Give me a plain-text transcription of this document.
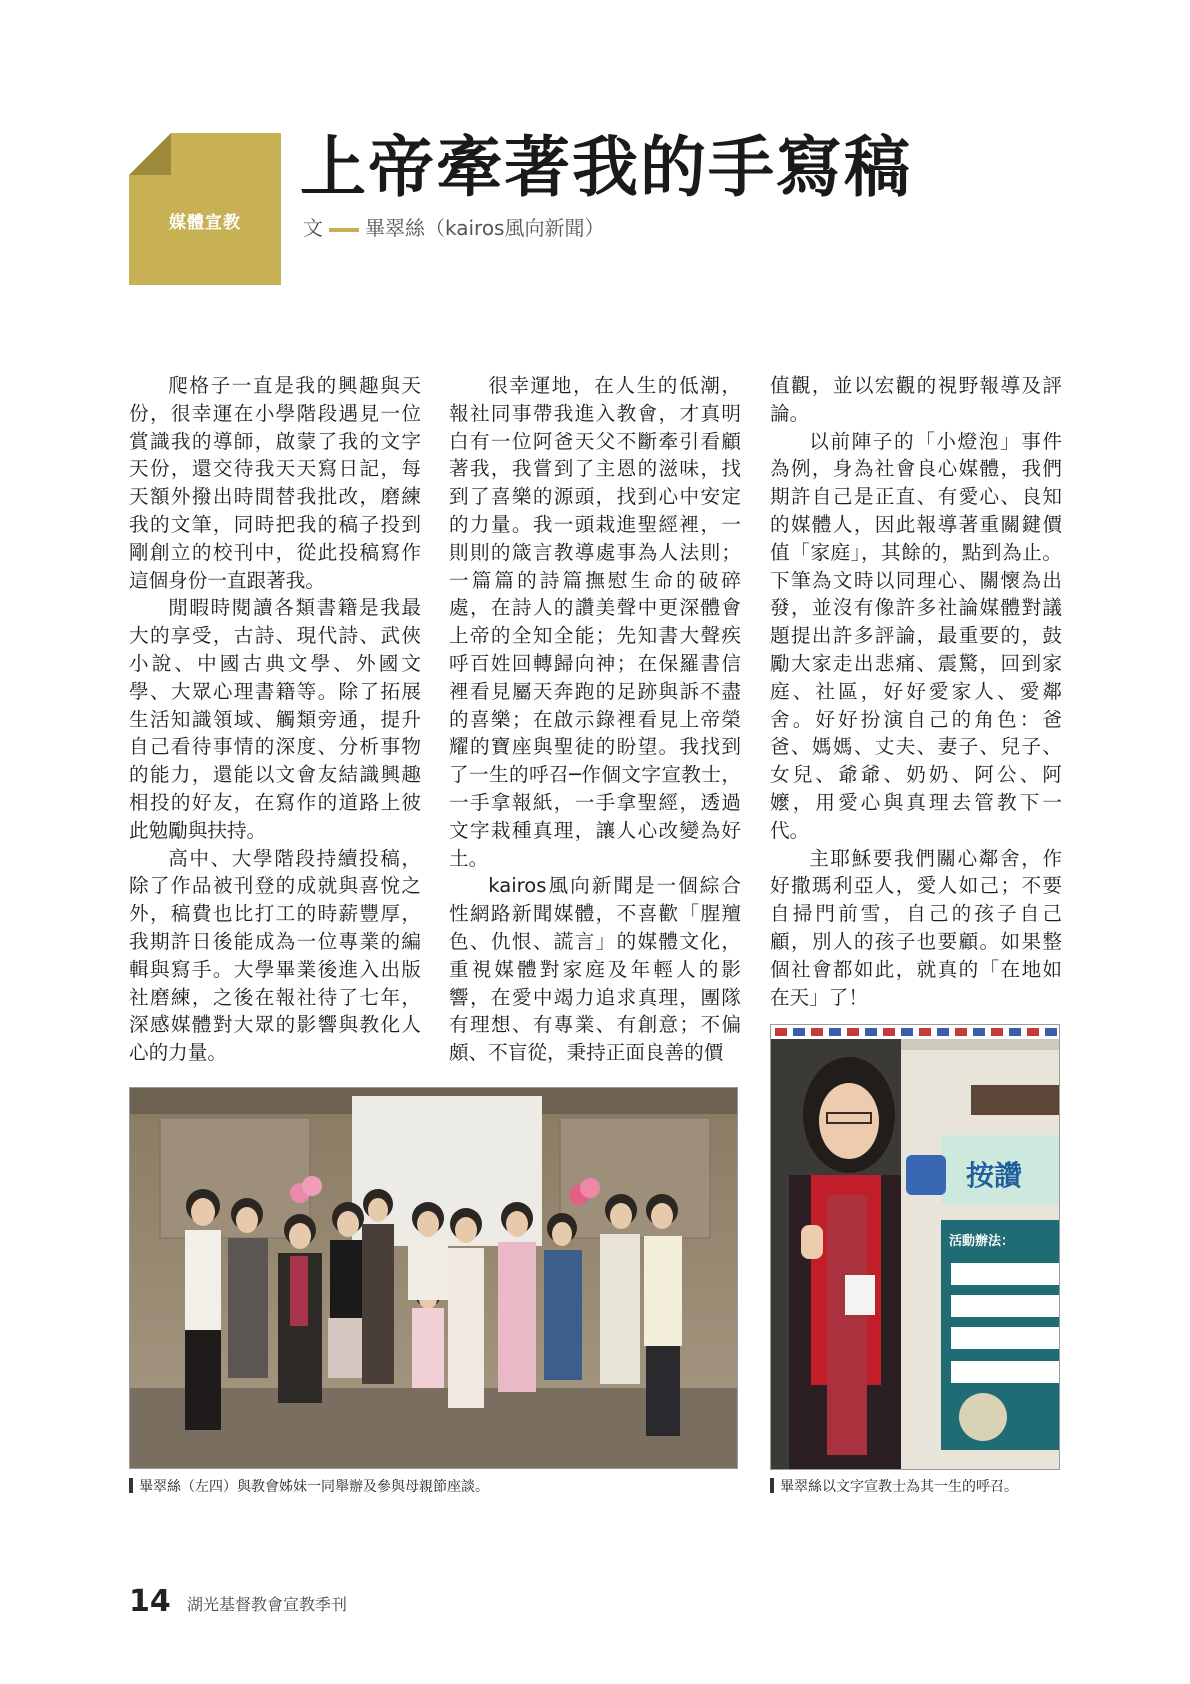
媒體宣教
上帝牽著我的手寫稿
文 畢翠絲（kairos風向新聞）

爬格子一直是我的興趣與天份，很幸運在小學階段遇見一位賞識我的導師，啟蒙了我的文字天份，還交待我天天寫日記，每天額外撥出時間替我批改，磨練我的文筆，同時把我的稿子投到剛創立的校刊中，從此投稿寫作這個身份一直跟著我。

閒暇時閱讀各類書籍是我最大的享受，古詩、現代詩、武俠小說、中國古典文學、外國文學、大眾心理書籍等。除了拓展生活知識領域、觸類旁通，提升自己看待事情的深度、分析事物的能力，還能以文會友結識興趣相投的好友，在寫作的道路上彼此勉勵與扶持。

高中、大學階段持續投稿，除了作品被刊登的成就與喜悅之外，稿費也比打工的時薪豐厚，我期許日後能成為一位專業的編輯與寫手。大學畢業後進入出版社磨練，之後在報社待了七年，深感媒體對大眾的影響與教化人心的力量。

很幸運地，在人生的低潮，報社同事帶我進入教會，才真明白有一位阿爸天父不斷牽引看顧著我，我嘗到了主恩的滋味，找到了喜樂的源頭，找到心中安定的力量。我一頭栽進聖經裡，一則則的箴言教導處事為人法則；一篇篇的詩篇撫慰生命的破碎處，在詩人的讚美聲中更深體會上帝的全知全能；先知書大聲疾呼百姓回轉歸向神；在保羅書信裡看見屬天奔跑的足跡與訴不盡的喜樂；在啟示錄裡看見上帝榮耀的寶座與聖徒的盼望。我找到了一生的呼召─作個文字宣教士，一手拿報紙，一手拿聖經，透過文字栽種真理，讓人心改變為好土。

kairos風向新聞是一個綜合性網路新聞媒體，不喜歡「腥羶色、仇恨、謊言」的媒體文化，重視媒體對家庭及年輕人的影響，在愛中竭力追求真理，團隊有理想、有專業、有創意；不偏頗、不盲從，秉持正面良善的價

值觀，並以宏觀的視野報導及評論。

以前陣子的「小燈泡」事件為例，身為社會良心媒體，我們期許自己是正直、有愛心、良知的媒體人，因此報導著重關鍵價值「家庭」，其餘的，點到為止。下筆為文時以同理心、關懷為出發，並沒有像許多社論媒體對議題提出許多評論，最重要的，鼓勵大家走出悲痛、震驚，回到家庭、社區，好好愛家人、愛鄰舍。好好扮演自己的角色：爸爸、媽媽、丈夫、妻子、兒子、女兒、爺爺、奶奶、阿公、阿嬤，用愛心與真理去管教下一代。

主耶穌要我們關心鄰舍，作好撒瑪利亞人，愛人如己；不要自掃門前雪，自己的孩子自己顧，別人的孩子也要顧。如果整個社會都如此，就真的「在地如在天」了！

按讚
活動辦法：
畢翠絲（左四）與教會姊妹一同舉辦及參與母親節座談。	畢翠絲以文字宣教士為其一生的呼召。
14 湖光基督教會宣教季刊
